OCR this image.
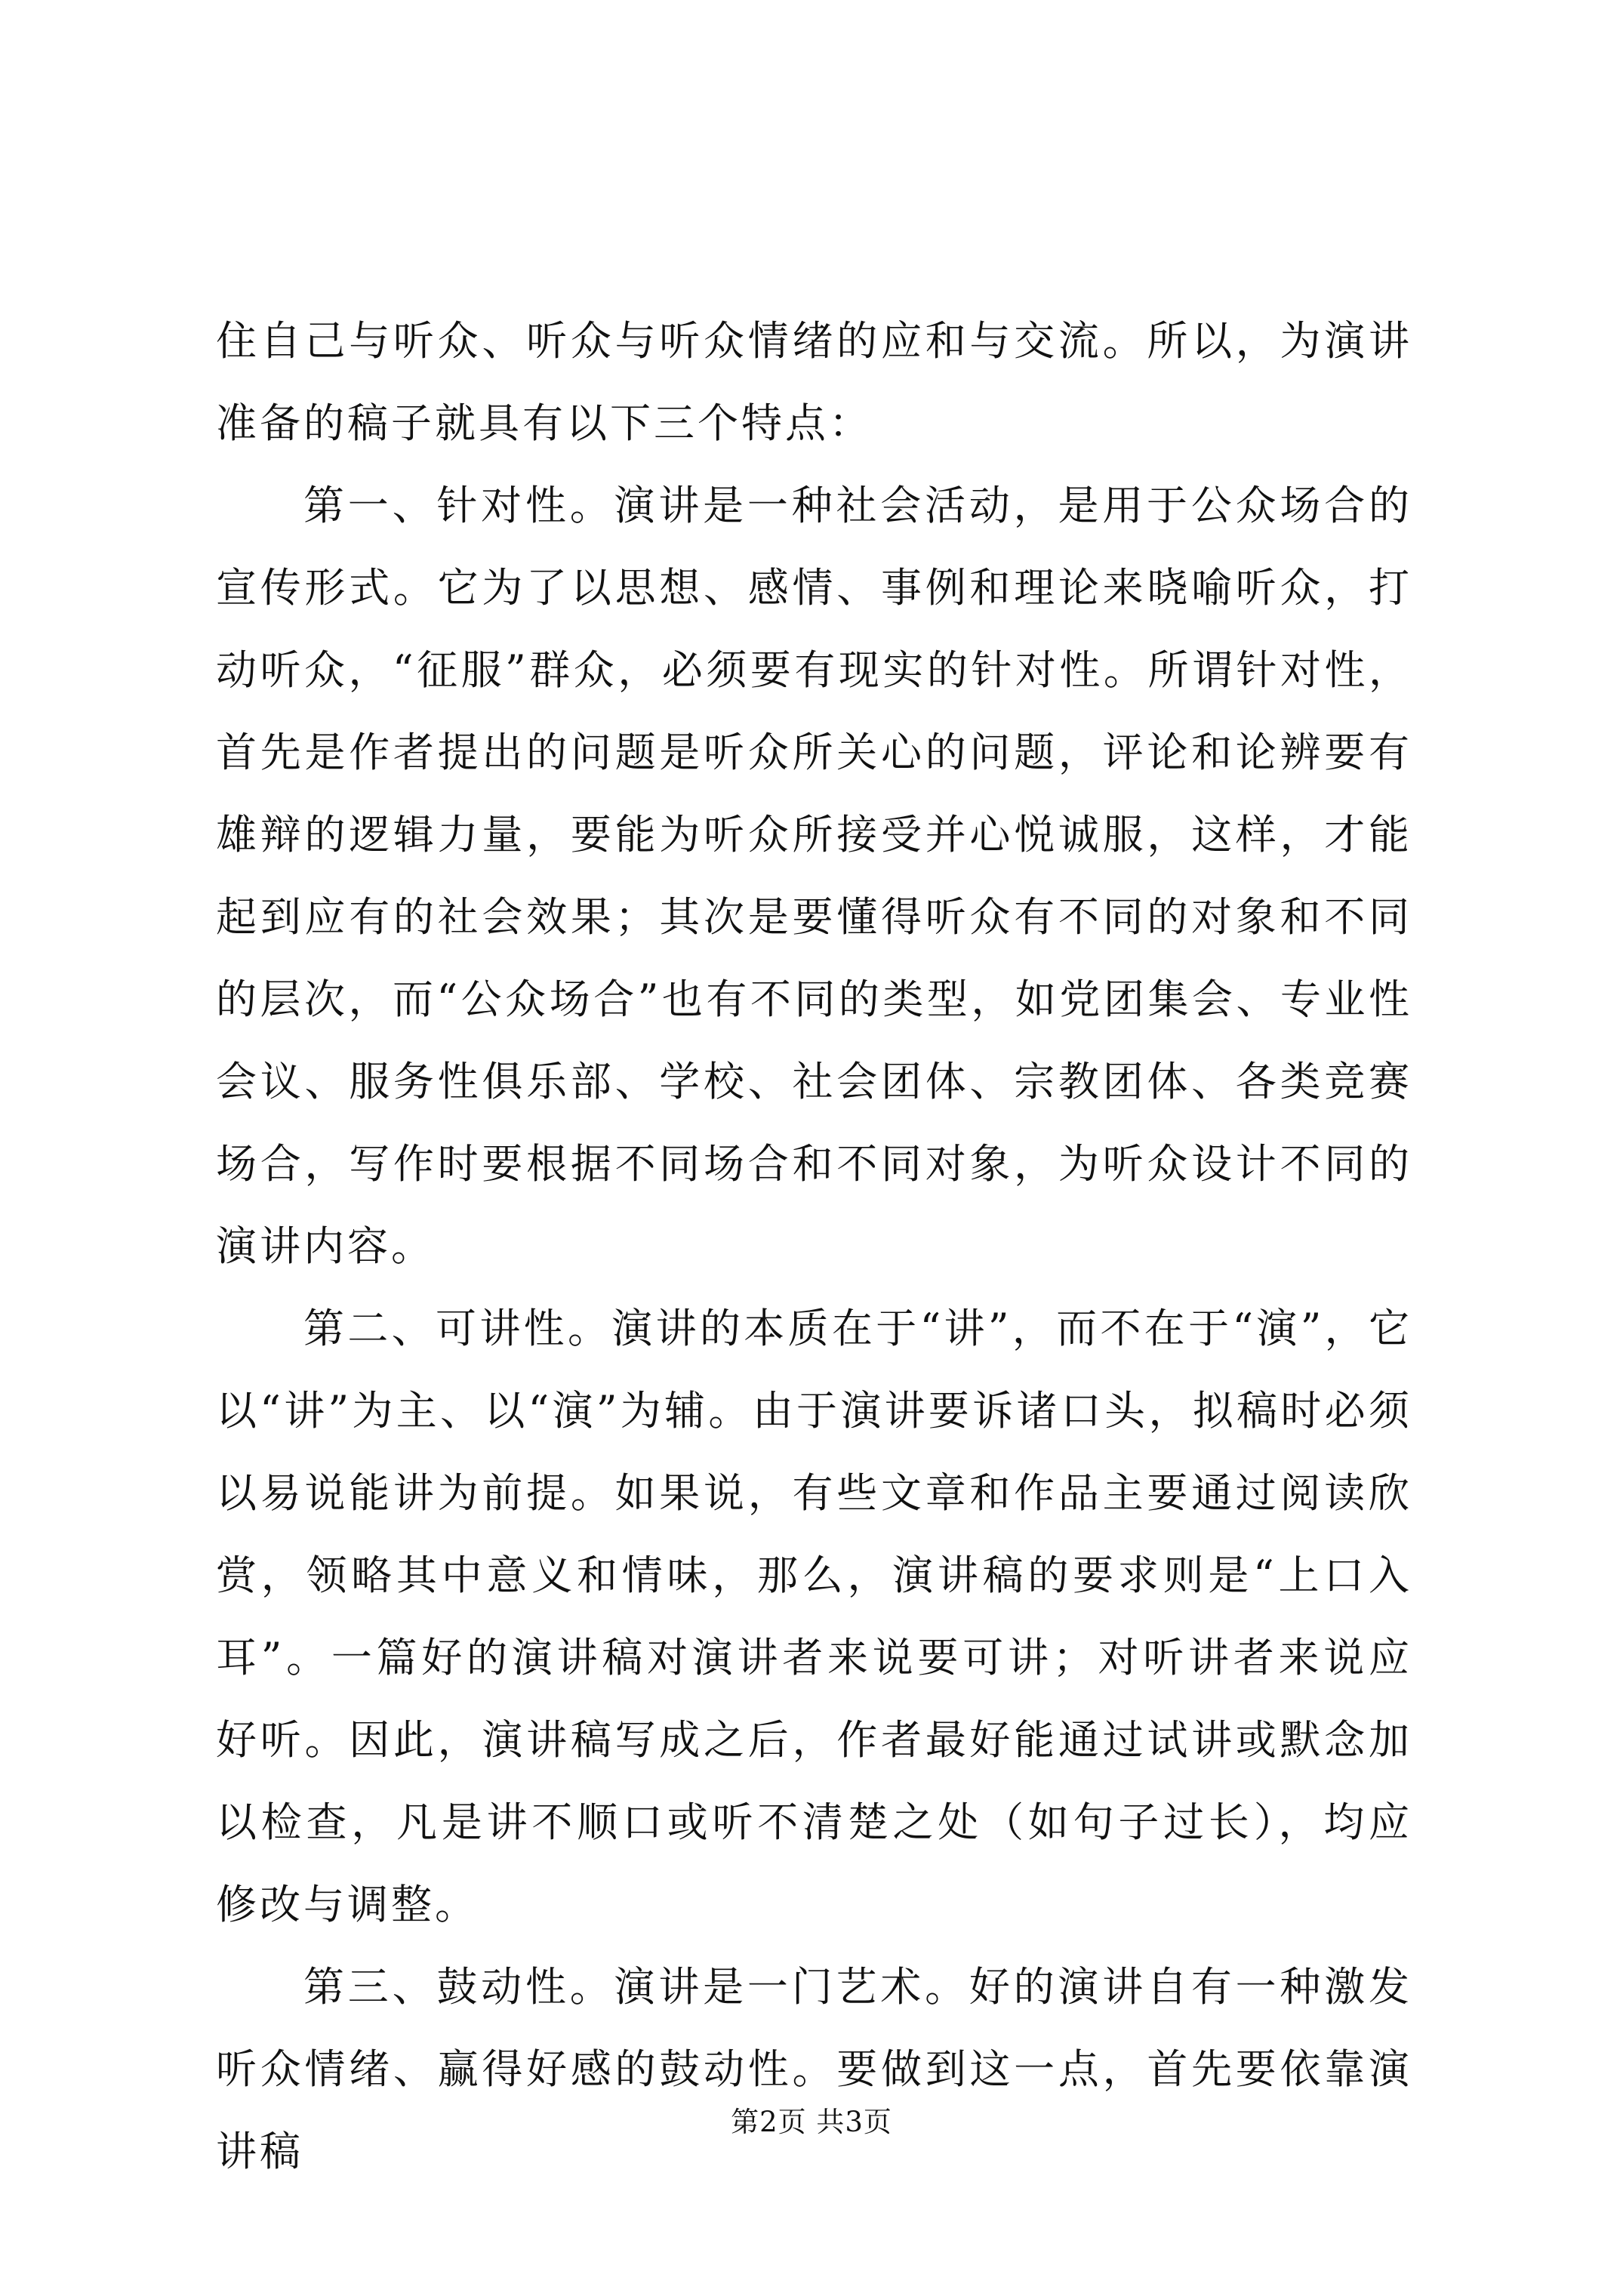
住自己与听众、听众与听众情绪的应和与交流。所以，为演讲准备的稿子就具有以下三个特点：

第一、针对性。演讲是一种社会活动，是用于公众场合的宣传形式。它为了以思想、感情、事例和理论来晓喻听众，打动听众，“征服”群众，必须要有现实的针对性。所谓针对性，首先是作者提出的问题是听众所关心的问题，评论和论辨要有雄辩的逻辑力量，要能为听众所接受并心悦诚服，这样，才能起到应有的社会效果；其次是要懂得听众有不同的对象和不同的层次，而“公众场合”也有不同的类型，如党团集会、专业性会议、服务性俱乐部、学校、社会团体、宗教团体、各类竞赛场合，写作时要根据不同场合和不同对象，为听众设计不同的演讲内容。

第二、可讲性。演讲的本质在于“讲”，而不在于“演”，它以“讲”为主、以“演”为辅。由于演讲要诉诸口头，拟稿时必须以易说能讲为前提。如果说，有些文章和作品主要通过阅读欣赏，领略其中意义和情味，那么，演讲稿的要求则是“上口入耳”。一篇好的演讲稿对演讲者来说要可讲；对听讲者来说应好听。因此，演讲稿写成之后，作者最好能通过试讲或默念加以检查，凡是讲不顺口或听不清楚之处（如句子过长），均应修改与调整。

第三、鼓动性。演讲是一门艺术。好的演讲自有一种激发听众情绪、赢得好感的鼓动性。要做到这一点，首先要依靠演讲稿

第2页 共3页
